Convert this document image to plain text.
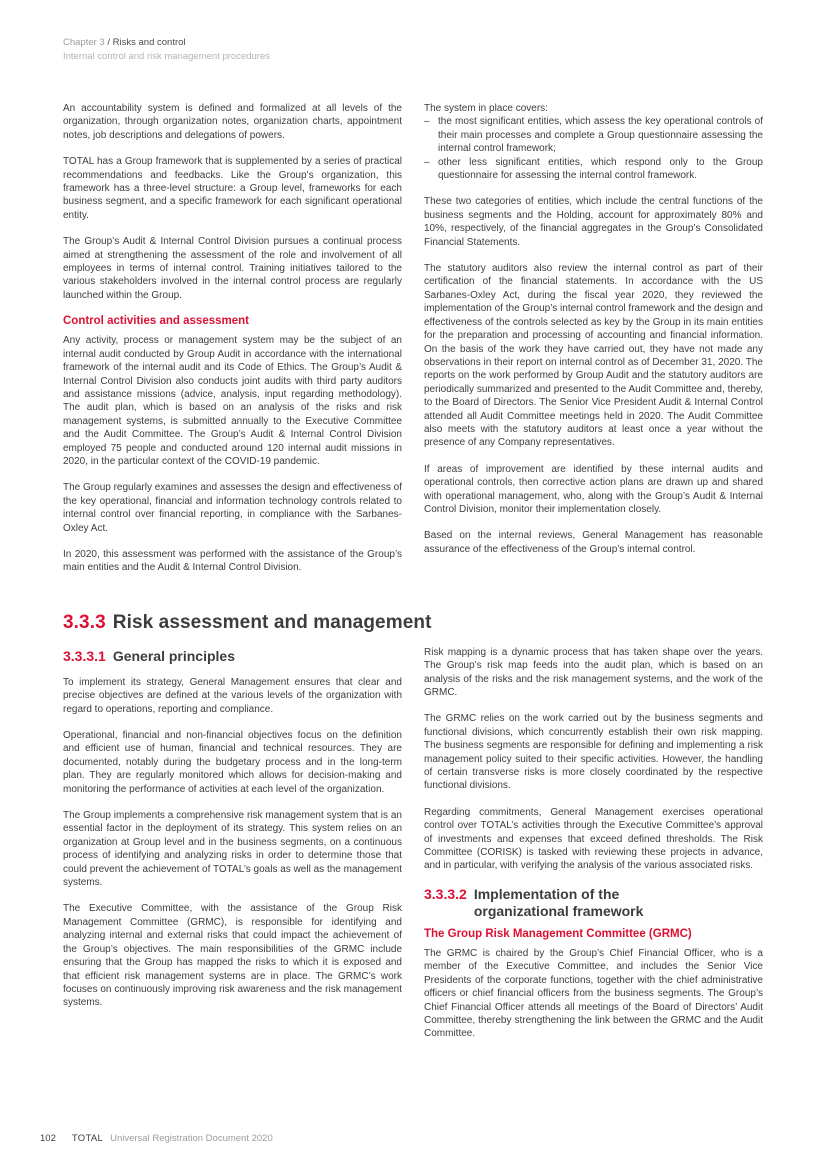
Chapter 3 / Risks and control
Internal control and risk management procedures

An accountability system is defined and formalized at all levels of the organization, through organization notes, organization charts, appointment notes, job descriptions and delegations of powers.

TOTAL has a Group framework that is supplemented by a series of practical recommendations and feedbacks. Like the Group’s organization, this framework has a three-level structure: a Group level, frameworks for each business segment, and a specific framework for each significant operational entity.

The Group’s Audit & Internal Control Division pursues a continual process aimed at strengthening the assessment of the role and involvement of all employees in terms of internal control. Training initiatives tailored to the various stakeholders involved in the internal control process are regularly launched within the Group.

Control activities and assessment

Any activity, process or management system may be the subject of an internal audit conducted by Group Audit in accordance with the international framework of the internal audit and its Code of Ethics. The Group’s Audit & Internal Control Division also conducts joint audits with third party auditors and assistance missions (advice, analysis, input regarding methodology). The audit plan, which is based on an analysis of the risks and risk management systems, is submitted annually to the Executive Committee and the Audit Committee. The Group’s Audit & Internal Control Division employed 75 people and conducted around 120 internal audit missions in 2020, in the particular context of the COVID-19 pandemic.

The Group regularly examines and assesses the design and effectiveness of the key operational, financial and information technology controls related to internal control over financial reporting, in compliance with the Sarbanes-Oxley Act.

In 2020, this assessment was performed with the assistance of the Group’s main entities and the Audit & Internal Control Division.

The system in place covers:

– the most significant entities, which assess the key operational controls of their main processes and complete a Group questionnaire assessing the internal control framework;
– other less significant entities, which respond only to the Group questionnaire for assessing the internal control framework.

These two categories of entities, which include the central functions of the business segments and the Holding, account for approximately 80% and 10%, respectively, of the financial aggregates in the Group’s Consolidated Financial Statements.

The statutory auditors also review the internal control as part of their certification of the financial statements. In accordance with the US Sarbanes-Oxley Act, during the fiscal year 2020, they reviewed the implementation of the Group’s internal control framework and the design and effectiveness of the controls selected as key by the Group in its main entities for the preparation and processing of accounting and financial information. On the basis of the work they have carried out, they have not made any observations in their report on internal control as of December 31, 2020. The reports on the work performed by Group Audit and the statutory auditors are periodically summarized and presented to the Audit Committee and, thereby, to the Board of Directors. The Senior Vice President Audit & Internal Control attended all Audit Committee meetings held in 2020. The Audit Committee also meets with the statutory auditors at least once a year without the presence of any Company representatives.

If areas of improvement are identified by these internal audits and operational controls, then corrective action plans are drawn up and shared with operational management, who, along with the Group’s Audit & Internal Control Division, monitor their implementation closely.

Based on the internal reviews, General Management has reasonable assurance of the effectiveness of the Group’s internal control.

3.3.3 Risk assessment and management
3.3.3.1 General principles

To implement its strategy, General Management ensures that clear and precise objectives are defined at the various levels of the organization with regard to operations, reporting and compliance.

Operational, financial and non-financial objectives focus on the definition and efficient use of human, financial and technical resources. They are documented, notably during the budgetary process and in the long-term plan. They are regularly monitored which allows for decision-making and monitoring the performance of activities at each level of the organization.

The Group implements a comprehensive risk management system that is an essential factor in the deployment of its strategy. This system relies on an organization at Group level and in the business segments, on a continuous process of identifying and analyzing risks in order to determine those that could prevent the achievement of TOTAL’s goals as well as the management systems.

The Executive Committee, with the assistance of the Group Risk Management Committee (GRMC), is responsible for identifying and analyzing internal and external risks that could impact the achievement of the Group’s objectives. The main responsibilities of the GRMC include ensuring that the Group has mapped the risks to which it is exposed and that efficient risk management systems are in place. The GRMC’s work focuses on continuously improving risk awareness and the risk management systems.

Risk mapping is a dynamic process that has taken shape over the years. The Group’s risk map feeds into the audit plan, which is based on an analysis of the risks and the risk management systems, and the work of the GRMC.

The GRMC relies on the work carried out by the business segments and functional divisions, which concurrently establish their own risk mapping. The business segments are responsible for defining and implementing a risk management policy suited to their specific activities. However, the handling of certain transverse risks is more closely coordinated by the respective functional divisions.

Regarding commitments, General Management exercises operational control over TOTAL’s activities through the Executive Committee’s approval of investments and expenses that exceed defined thresholds. The Risk Committee (CORISK) is tasked with reviewing these projects in advance, and in particular, with verifying the analysis of the various associated risks.

3.3.3.2 Implementation of the organizational framework
The Group Risk Management Committee (GRMC)

The GRMC is chaired by the Group’s Chief Financial Officer, who is a member of the Executive Committee, and includes the Senior Vice Presidents of the corporate functions, together with the chief administrative officers or chief financial officers from the business segments. The Group’s Chief Financial Officer attends all meetings of the Board of Directors’ Audit Committee, thereby strengthening the link between the GRMC and the Audit Committee.

102 TOTAL Universal Registration Document 2020
